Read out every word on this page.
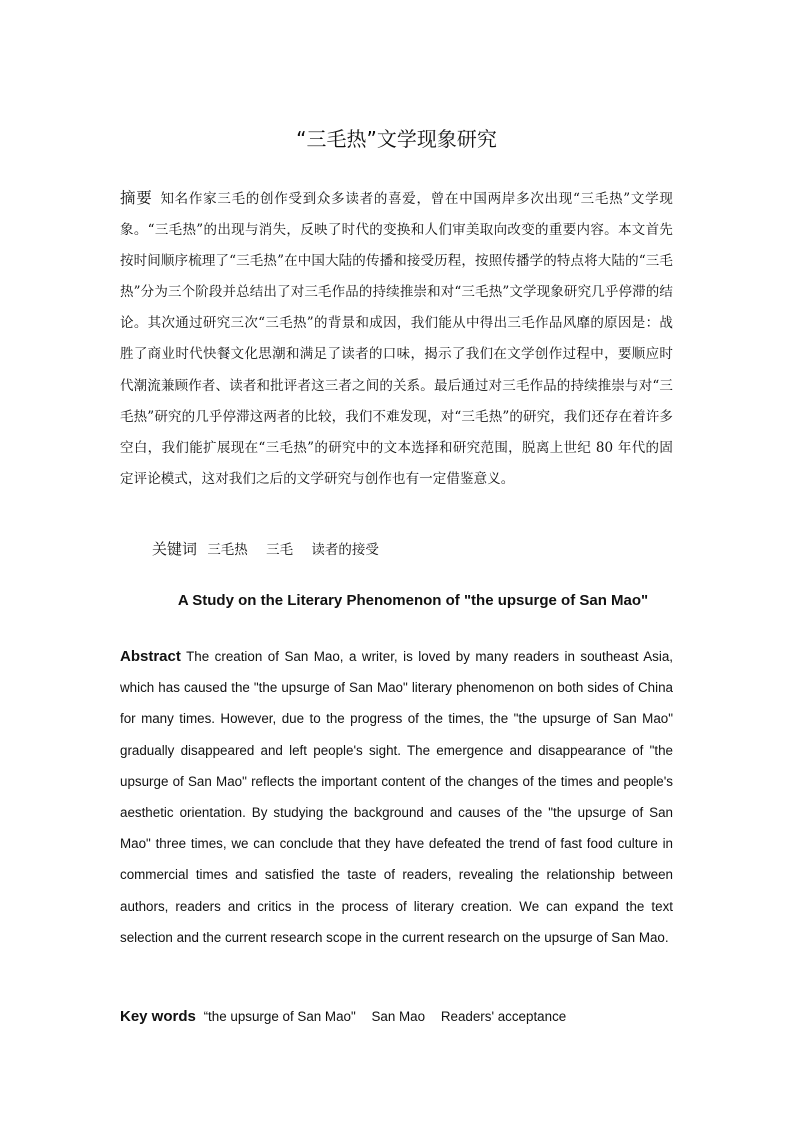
“三毛热”文学现象研究

摘要 知名作家三毛的创作受到众多读者的喜爱，曾在中国两岸多次出现“三毛热”文学现象。“三毛热”的出现与消失，反映了时代的变换和人们审美取向改变的重要内容。本文首先按时间顺序梳理了“三毛热”在中国大陆的传播和接受历程，按照传播学的特点将大陆的“三毛热”分为三个阶段并总结出了对三毛作品的持续推崇和对“三毛热”文学现象研究几乎停滞的结论。其次通过研究三次“三毛热”的背景和成因，我们能从中得出三毛作品风靡的原因是：战胜了商业时代快餐文化思潮和满足了读者的口味，揭示了我们在文学创作过程中，要顺应时代潮流兼顾作者、读者和批评者这三者之间的关系。最后通过对三毛作品的持续推崇与对“三毛热”研究的几乎停滞这两者的比较，我们不难发现，对“三毛热”的研究，我们还存在着许多空白，我们能扩展现在“三毛热”的研究中的文本选择和研究范围，脱离上世纪 80 年代的固定评论模式，这对我们之后的文学研究与创作也有一定借鉴意义。

关键词 三毛热 三毛 读者的接受

A Study on the Literary Phenomenon of "the upsurge of San Mao"

Abstract The creation of San Mao, a writer, is loved by many readers in southeast Asia, which has caused the "the upsurge of San Mao" literary phenomenon on both sides of China for many times. However, due to the progress of the times, the "the upsurge of San Mao" gradually disappeared and left people's sight. The emergence and disappearance of "the upsurge of San Mao" reflects the important content of the changes of the times and people's aesthetic orientation. By studying the background and causes of the "the upsurge of San Mao" three times, we can conclude that they have defeated the trend of fast food culture in commercial times and satisfied the taste of readers, revealing the relationship between authors, readers and critics in the process of literary creation. We can expand the text selection and the current research scope in the current research on the upsurge of San Mao.

Key words “the upsurge of San Mao" San Mao Readers' acceptance
